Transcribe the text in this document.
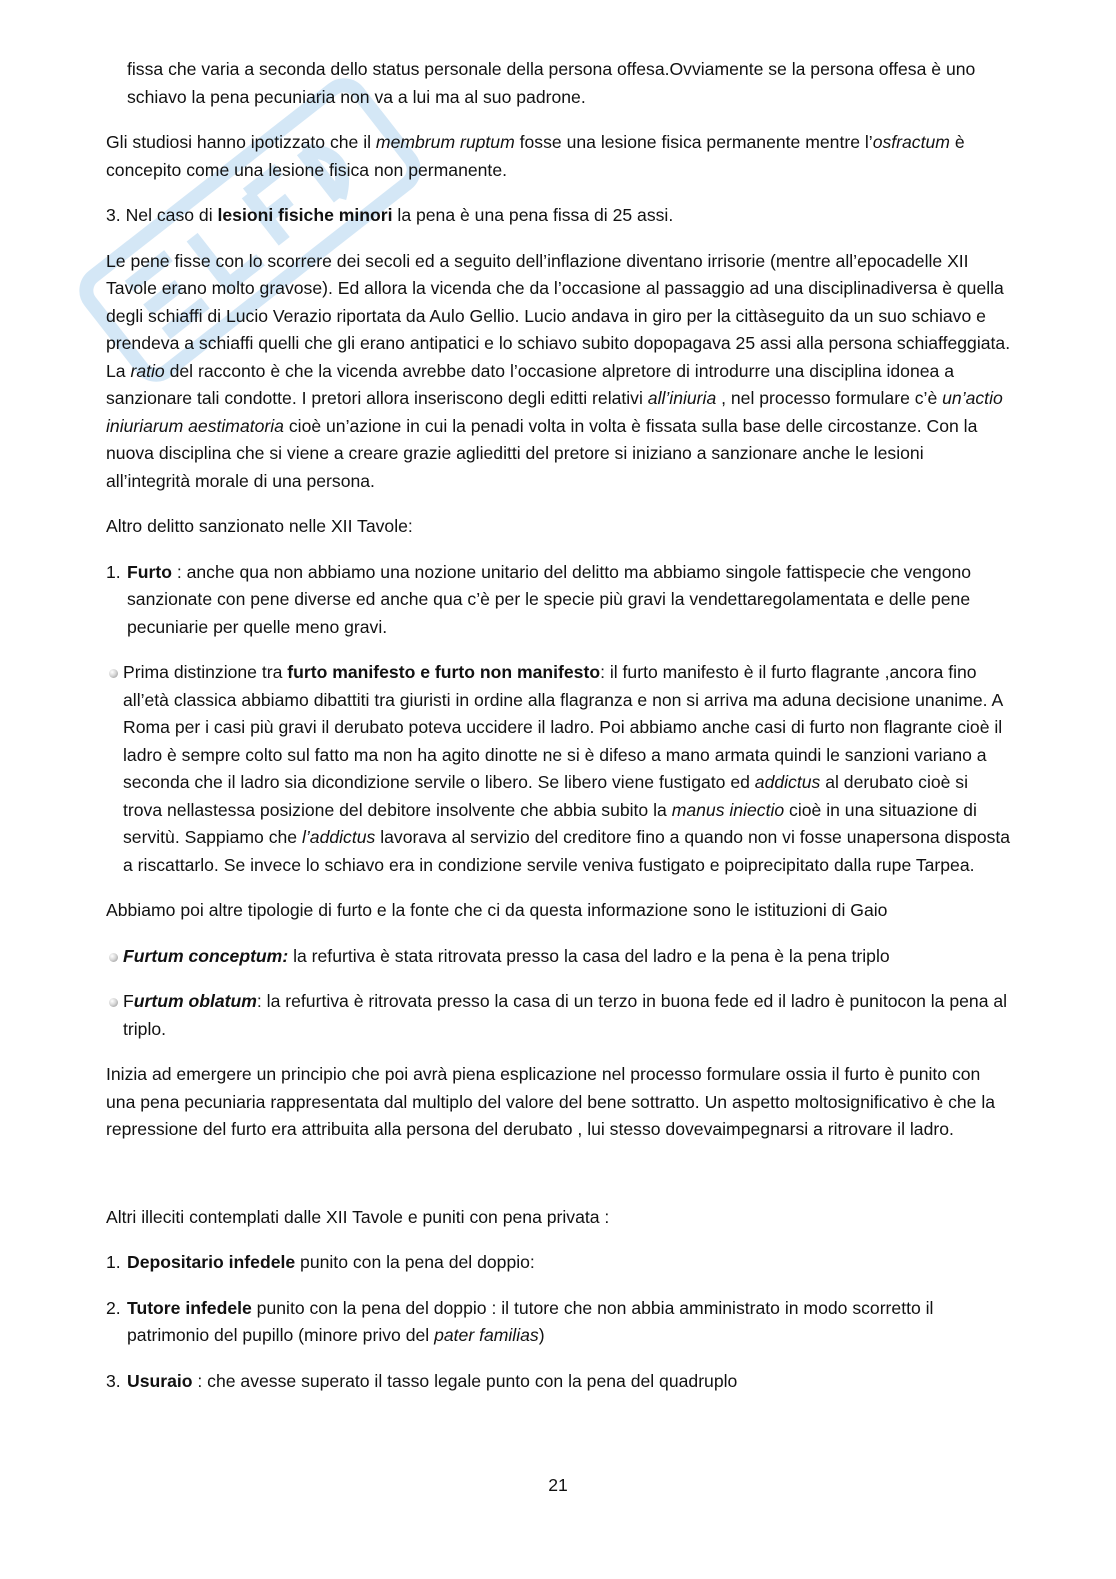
fissa che varia a seconda dello status personale della persona offesa.Ovviamente se la persona offesa è uno schiavo la pena pecuniaria non va a lui ma al suo padrone.

Gli studiosi hanno ipotizzato che il membrum ruptum fosse una lesione fisica permanente mentre l’osfractum è concepito come una lesione fisica non permanente.

3. Nel caso di lesioni fisiche minori la pena è una pena fissa di 25 assi.

Le pene fisse con lo scorrere dei secoli ed a seguito dell’inflazione diventano irrisorie (mentre all’epocadelle XII Tavole erano molto gravose). Ed allora la vicenda che da l’occasione al passaggio ad una disciplinadiversa è quella degli schiaffi di Lucio Verazio riportata da Aulo Gellio. Lucio andava in giro per la cittàseguito da un suo schiavo e prendeva a schiaffi quelli che gli erano antipatici e lo schiavo subito dopopagava 25 assi alla persona schiaffeggiata. La ratio del racconto è che la vicenda avrebbe dato l’occasione alpretore di introdurre una disciplina idonea a sanzionare tali condotte. I pretori allora inseriscono degli editti relativi all’iniuria , nel processo formulare c’è un’actio iniuriarum aestimatoria cioè un’azione in cui la penadi volta in volta è fissata sulla base delle circostanze. Con la nuova disciplina che si viene a creare grazie aglieditti del pretore si iniziano a sanzionare anche le lesioni all’integrità morale di una persona.

Altro delitto sanzionato nelle XII Tavole:

1. Furto : anche qua non abbiamo una nozione unitario del delitto ma abbiamo singole fattispecie che vengono sanzionate con pene diverse ed anche qua c’è per le specie più gravi la vendettaregolamentata e delle pene pecuniarie per quelle meno gravi.
Prima distinzione tra furto manifesto e furto non manifesto: il furto manifesto è il furto flagrante ,ancora fino all’età classica abbiamo dibattiti tra giuristi in ordine alla flagranza e non si arriva ma aduna decisione unanime. A Roma per i casi più gravi il derubato poteva uccidere il ladro. Poi abbiamo anche casi di furto non flagrante cioè il ladro è sempre colto sul fatto ma non ha agito dinotte ne si è difeso a mano armata quindi le sanzioni variano a seconda che il ladro sia dicondizione servile o libero. Se libero viene fustigato ed addictus al derubato cioè si trova nellastessa posizione del debitore insolvente che abbia subito la manus iniectio cioè in una situazione di servitù. Sappiamo che l’addictus lavorava al servizio del creditore fino a quando non vi fosse unapersona disposta a riscattarlo. Se invece lo schiavo era in condizione servile veniva fustigato e poiprecipitato dalla rupe Tarpea.

Abbiamo poi altre tipologie di furto e la fonte che ci da questa informazione sono le istituzioni di Gaio

Furtum conceptum: la refurtiva è stata ritrovata presso la casa del ladro e la pena è la pena triplo
Furtum oblatum: la refurtiva è ritrovata presso la casa di un terzo in buona fede ed il ladro è punitocon la pena al triplo.

Inizia ad emergere un principio che poi avrà piena esplicazione nel processo formulare ossia il furto è punito con una pena pecuniaria rappresentata dal multiplo del valore del bene sottratto. Un aspetto moltosignificativo è che la repressione del furto era attribuita alla persona del derubato , lui stesso dovevaimpegnarsi a ritrovare il ladro.

Altri illeciti contemplati dalle XII Tavole e puniti con pena privata :

1. Depositario infedele punito con la pena del doppio:
2. Tutore infedele punito con la pena del doppio : il tutore che non abbia amministrato in modo scorretto il patrimonio del pupillo (minore privo del pater familias)
3. Usuraio : che avesse superato il tasso legale punto con la pena del quadruplo
21
